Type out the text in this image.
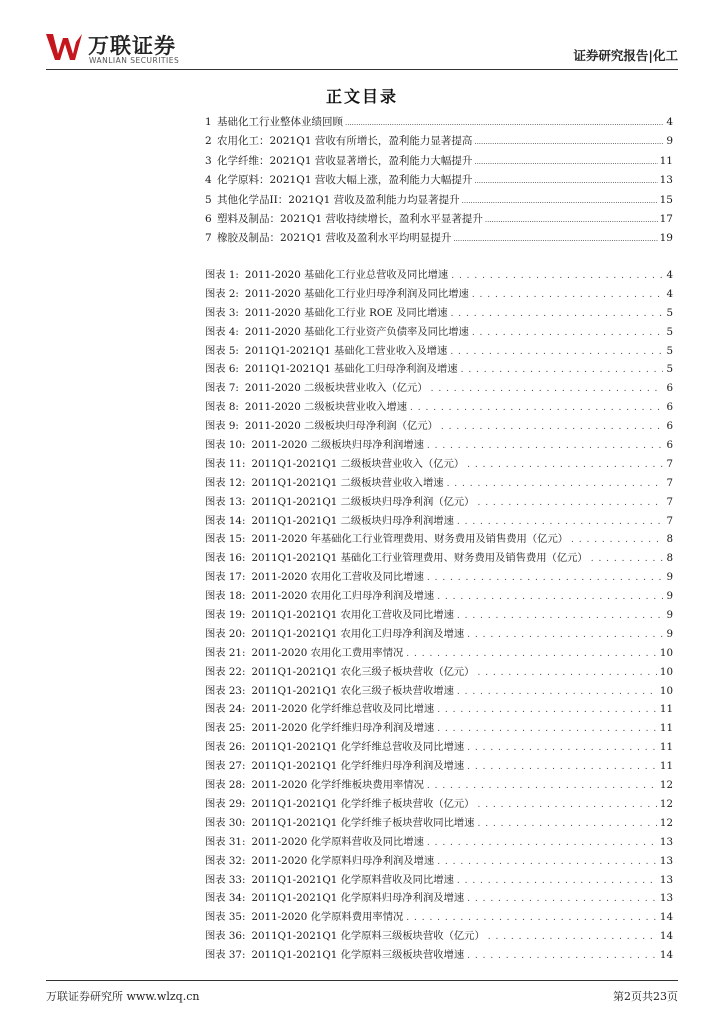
万联证券
WANLIAN SECURITIES	证券研究报告|化工
正文目录
1 基础化工行业整体业绩回顾 .....	4
2 农用化工：2021Q1 营收有所增长，盈利能力显著提高 .....	9
3 化学纤维：2021Q1 营收显著增长，盈利能力大幅提升 .....	11
4 化学原料：2021Q1 营收大幅上涨，盈利能力大幅提升 .....	13
5 其他化学品II：2021Q1 营收及盈利能力均显著提升 .....	15
6 塑料及制品：2021Q1 营收持续增长，盈利水平显著提升 .....	17
7 橡胶及制品：2021Q1 营收及盈利水平均明显提升 .....	19
图表 1: 2011-2020 基础化工行业总营收及同比增速 . . .	4
图表 2: 2011-2020 基础化工行业归母净利润及同比增速 . . .	4
图表 3: 2011-2020 基础化工行业 ROE 及同比增速 . . .	5
图表 4: 2011-2020 基础化工行业资产负债率及同比增速 . . .	5
图表 5: 2011Q1-2021Q1 基础化工营业收入及增速 . . .	5
图表 6: 2011Q1-2021Q1 基础化工归母净利润及增速 . . .	5
图表 7: 2011-2020 二级板块营业收入（亿元） . . .	6
图表 8: 2011-2020 二级板块营业收入增速 . . .	6
图表 9: 2011-2020 二级板块归母净利润（亿元） . . .	6
图表 10: 2011-2020 二级板块归母净利润增速 . . .	6
图表 11: 2011Q1-2021Q1 二级板块营业收入（亿元） . . .	7
图表 12: 2011Q1-2021Q1 二级板块营业收入增速 . . .	7
图表 13: 2011Q1-2021Q1 二级板块归母净利润（亿元） . . .	7
图表 14: 2011Q1-2021Q1 二级板块归母净利润增速 . . .	7
图表 15: 2011-2020 年基础化工行业管理费用、财务费用及销售费用（亿元） . . .	8
图表 16: 2011Q1-2021Q1 基础化工行业管理费用、财务费用及销售费用（亿元） . . .	8
图表 17: 2011-2020 农用化工营收及同比增速 . . .	9
图表 18: 2011-2020 农用化工归母净利润及增速 . . .	9
图表 19: 2011Q1-2021Q1 农用化工营收及同比增速 . . .	9
图表 20: 2011Q1-2021Q1 农用化工归母净利润及增速 . . .	9
图表 21: 2011-2020 农用化工费用率情况 . . .	10
图表 22: 2011Q1-2021Q1 农化三级子板块营收（亿元） . . .	10
图表 23: 2011Q1-2021Q1 农化三级子板块营收增速 . . .	10
图表 24: 2011-2020 化学纤维总营收及同比增速 . . .	11
图表 25: 2011-2020 化学纤维归母净利润及增速 . . .	11
图表 26: 2011Q1-2021Q1 化学纤维总营收及同比增速 . . .	11
图表 27: 2011Q1-2021Q1 化学纤维归母净利润及增速 . . .	11
图表 28: 2011-2020 化学纤维板块费用率情况 . . .	12
图表 29: 2011Q1-2021Q1 化学纤维子板块营收（亿元） . . .	12
图表 30: 2011Q1-2021Q1 化学纤维子板块营收同比增速 . . .	12
图表 31: 2011-2020 化学原料营收及同比增速 . . .	13
图表 32: 2011-2020 化学原料归母净利润及增速 . . .	13
图表 33: 2011Q1-2021Q1 化学原料营收及同比增速 . . .	13
图表 34: 2011Q1-2021Q1 化学原料归母净利润及增速 . . .	13
图表 35: 2011-2020 化学原料费用率情况 . . .	14
图表 36: 2011Q1-2021Q1 化学原料三级板块营收（亿元） . . .	14
图表 37: 2011Q1-2021Q1 化学原料三级板块营收增速 . . .	14
万联证券研究所 www.wlzq.cn	第2页共23页
